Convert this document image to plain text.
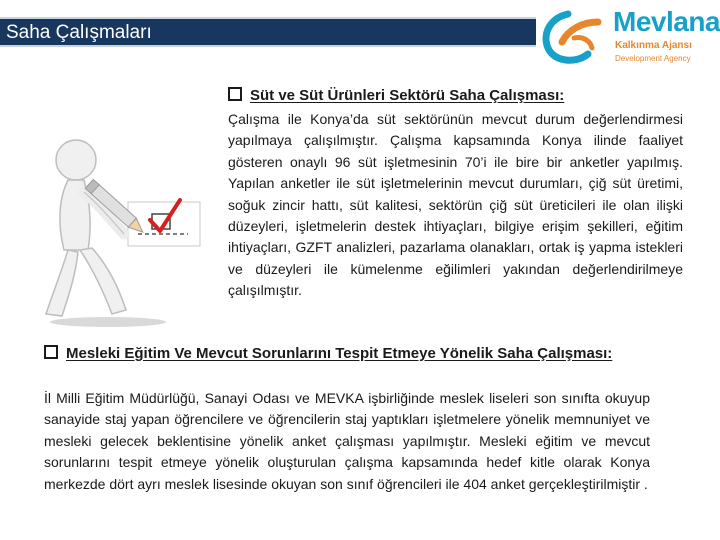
Saha Çalışmaları	Mevlana
Kalkınma Ajansı
Development Agency
Süt ve Süt Ürünleri Sektörü Saha Çalışması:
Çalışma ile Konya’da süt sektörünün mevcut durum değerlendirmesi yapılmaya çalışılmıştır. Çalışma kapsamında Konya ilinde faaliyet gösteren onaylı 96 süt işletmesinin 70’i ile bire bir anketler yapılmış. Yapılan anketler ile süt işletmelerinin mevcut durumları, çiğ süt üretimi, soğuk zincir hattı, süt kalitesi, sektörün çiğ süt üreticileri ile olan ilişki düzeyleri, işletmelerin destek ihtiyaçları, bilgiye erişim şekilleri, eğitim ihtiyaçları, GZFT analizleri, pazarlama olanakları, ortak iş yapma istekleri ve düzeyleri ile kümelenme eğilimleri yakından değerlendirilmeye çalışılmıştır.
Mesleki Eğitim Ve Mevcut Sorunlarını Tespit Etmeye Yönelik Saha Çalışması:
İl Milli Eğitim Müdürlüğü, Sanayi Odası ve MEVKA işbirliğinde meslek liseleri son sınıfta okuyup sanayide staj yapan öğrencilere ve öğrencilerin staj yaptıkları işletmelere yönelik memnuniyet ve mesleki gelecek beklentisine yönelik anket çalışması yapılmıştır. Mesleki eğitim ve mevcut sorunlarını tespit etmeye yönelik oluşturulan çalışma kapsamında hedef kitle olarak Konya merkezde dört ayrı meslek lisesinde okuyan son sınıf öğrencileri ile 404 anket gerçekleştirilmiştir .
